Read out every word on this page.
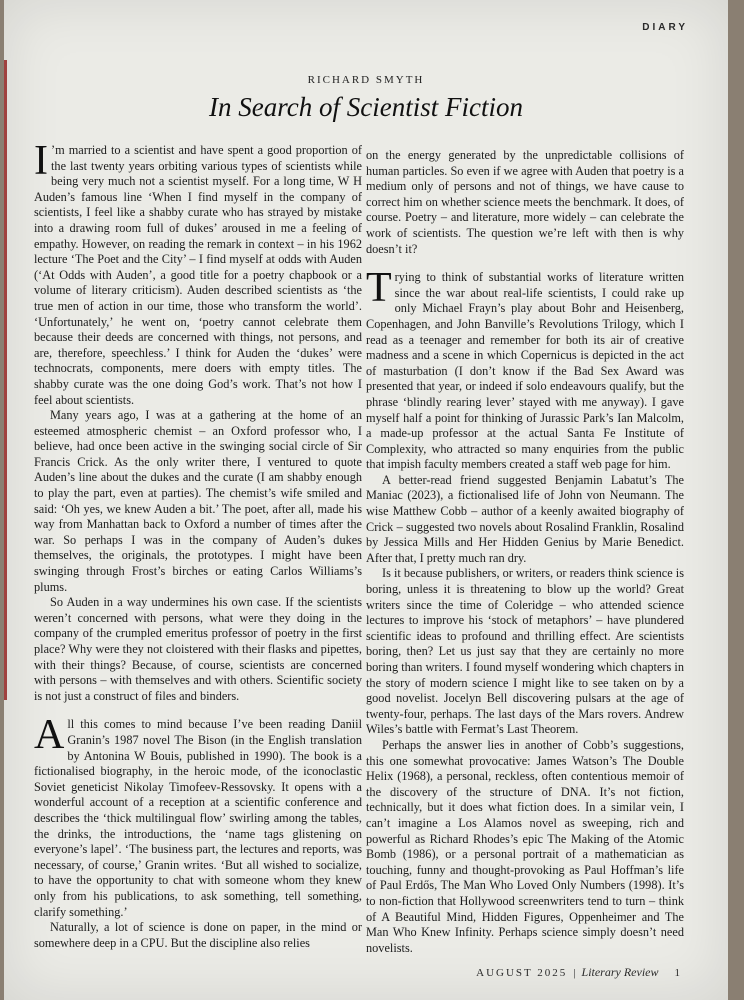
DIARY
RICHARD SMYTH
In Search of Scientist Fiction

I ’m married to a scientist and have spent a good proportion of the last twenty years orbiting various types of scientists while being very much not a scientist myself. For a long time, W H Auden’s famous line ‘When I find myself in the company of scientists, I feel like a shabby curate who has strayed by mistake into a drawing room full of dukes’ aroused in me a feeling of empathy. However, on reading the remark in context – in his 1962 lecture ‘The Poet and the City’ – I find myself at odds with Auden (‘At Odds with Auden’, a good title for a poetry chapbook or a volume of literary criticism). Auden described scientists as ‘the true men of action in our time, those who transform the world’. ‘Unfortunately,’ he went on, ‘poetry cannot celebrate them because their deeds are concerned with things, not persons, and are, therefore, speechless.’ I think for Auden the ‘dukes’ were technocrats, components, mere doers with empty titles. The shabby curate was the one doing God’s work. That’s not how I feel about scientists.

Many years ago, I was at a gathering at the home of an esteemed atmospheric chemist – an Oxford professor who, I believe, had once been active in the swinging social circle of Sir Francis Crick. As the only writer there, I ventured to quote Auden’s line about the dukes and the curate (I am shabby enough to play the part, even at parties). The chemist’s wife smiled and said: ‘Oh yes, we knew Auden a bit.’ The poet, after all, made his way from Manhattan back to Oxford a number of times after the war. So perhaps I was in the company of Auden’s dukes themselves, the originals, the prototypes. I might have been swinging through Frost’s birches or eating Carlos Williams’s plums.

So Auden in a way undermines his own case. If the scientists weren’t concerned with persons, what were they doing in the company of the crumpled emeritus professor of poetry in the first place? Why were they not cloistered with their flasks and pipettes, with their things? Because, of course, scientists are concerned with persons – with themselves and with others. Scientific society is not just a construct of files and binders.

All this comes to mind because I’ve been reading Daniil Granin’s 1987 novel The Bison (in the English translation by Antonina W Bouis, published in 1990). The book is a fictionalised biography, in the heroic mode, of the iconoclastic Soviet geneticist Nikolay Timofeev-Ressovsky. It opens with a wonderful account of a reception at a scientific conference and describes the ‘thick multilingual flow’ swirling among the tables, the drinks, the introductions, the ‘name tags glistening on everyone’s lapel’. ‘The business part, the lectures and reports, was necessary, of course,’ Granin writes. ‘But all wished to socialize, to have the opportunity to chat with someone whom they knew only from his publications, to ask something, tell something, clarify something.’

Naturally, a lot of science is done on paper, in the mind or somewhere deep in a CPU. But the discipline also relies

on the energy generated by the unpredictable collisions of human particles. So even if we agree with Auden that poetry is a medium only of persons and not of things, we have cause to correct him on whether science meets the benchmark. It does, of course. Poetry – and literature, more widely – can celebrate the work of scientists. The question we’re left with then is why doesn’t it?

Trying to think of substantial works of literature written since the war about real-life scientists, I could rake up only Michael Frayn’s play about Bohr and Heisenberg, Copenhagen, and John Banville’s Revolutions Trilogy, which I read as a teenager and remember for both its air of creative madness and a scene in which Copernicus is depicted in the act of masturbation (I don’t know if the Bad Sex Award was presented that year, or indeed if solo endeavours qualify, but the phrase ‘blindly rearing lever’ stayed with me anyway). I gave myself half a point for thinking of Jurassic Park’s Ian Malcolm, a made-up professor at the actual Santa Fe Institute of Complexity, who attracted so many enquiries from the public that impish faculty members created a staff web page for him.

A better-read friend suggested Benjamin Labatut’s The Maniac (2023), a fictionalised life of John von Neumann. The wise Matthew Cobb – author of a keenly awaited biography of Crick – suggested two novels about Rosalind Franklin, Rosalind by Jessica Mills and Her Hidden Genius by Marie Benedict. After that, I pretty much ran dry.

Is it because publishers, or writers, or readers think science is boring, unless it is threatening to blow up the world? Great writers since the time of Coleridge – who attended science lectures to improve his ‘stock of metaphors’ – have plundered scientific ideas to profound and thrilling effect. Are scientists boring, then? Let us just say that they are certainly no more boring than writers. I found myself wondering which chapters in the story of modern science I might like to see taken on by a good novelist. Jocelyn Bell discovering pulsars at the age of twenty-four, perhaps. The last days of the Mars rovers. Andrew Wiles’s battle with Fermat’s Last Theorem.

Perhaps the answer lies in another of Cobb’s suggestions, this one somewhat provocative: James Watson’s The Double Helix (1968), a personal, reckless, often contentious memoir of the discovery of the structure of DNA. It’s not fiction, technically, but it does what fiction does. In a similar vein, I can’t imagine a Los Alamos novel as sweeping, rich and powerful as Richard Rhodes’s epic The Making of the Atomic Bomb (1986), or a personal portrait of a mathematician as touching, funny and thought-provoking as Paul Hoffman’s life of Paul Erdős, The Man Who Loved Only Numbers (1998). It’s to non-fiction that Hollywood screenwriters tend to turn – think of A Beautiful Mind, Hidden Figures, Oppenheimer and The Man Who Knew Infinity. Perhaps science simply doesn’t need novelists.

AUGUST 2025 | Literary Review 1
